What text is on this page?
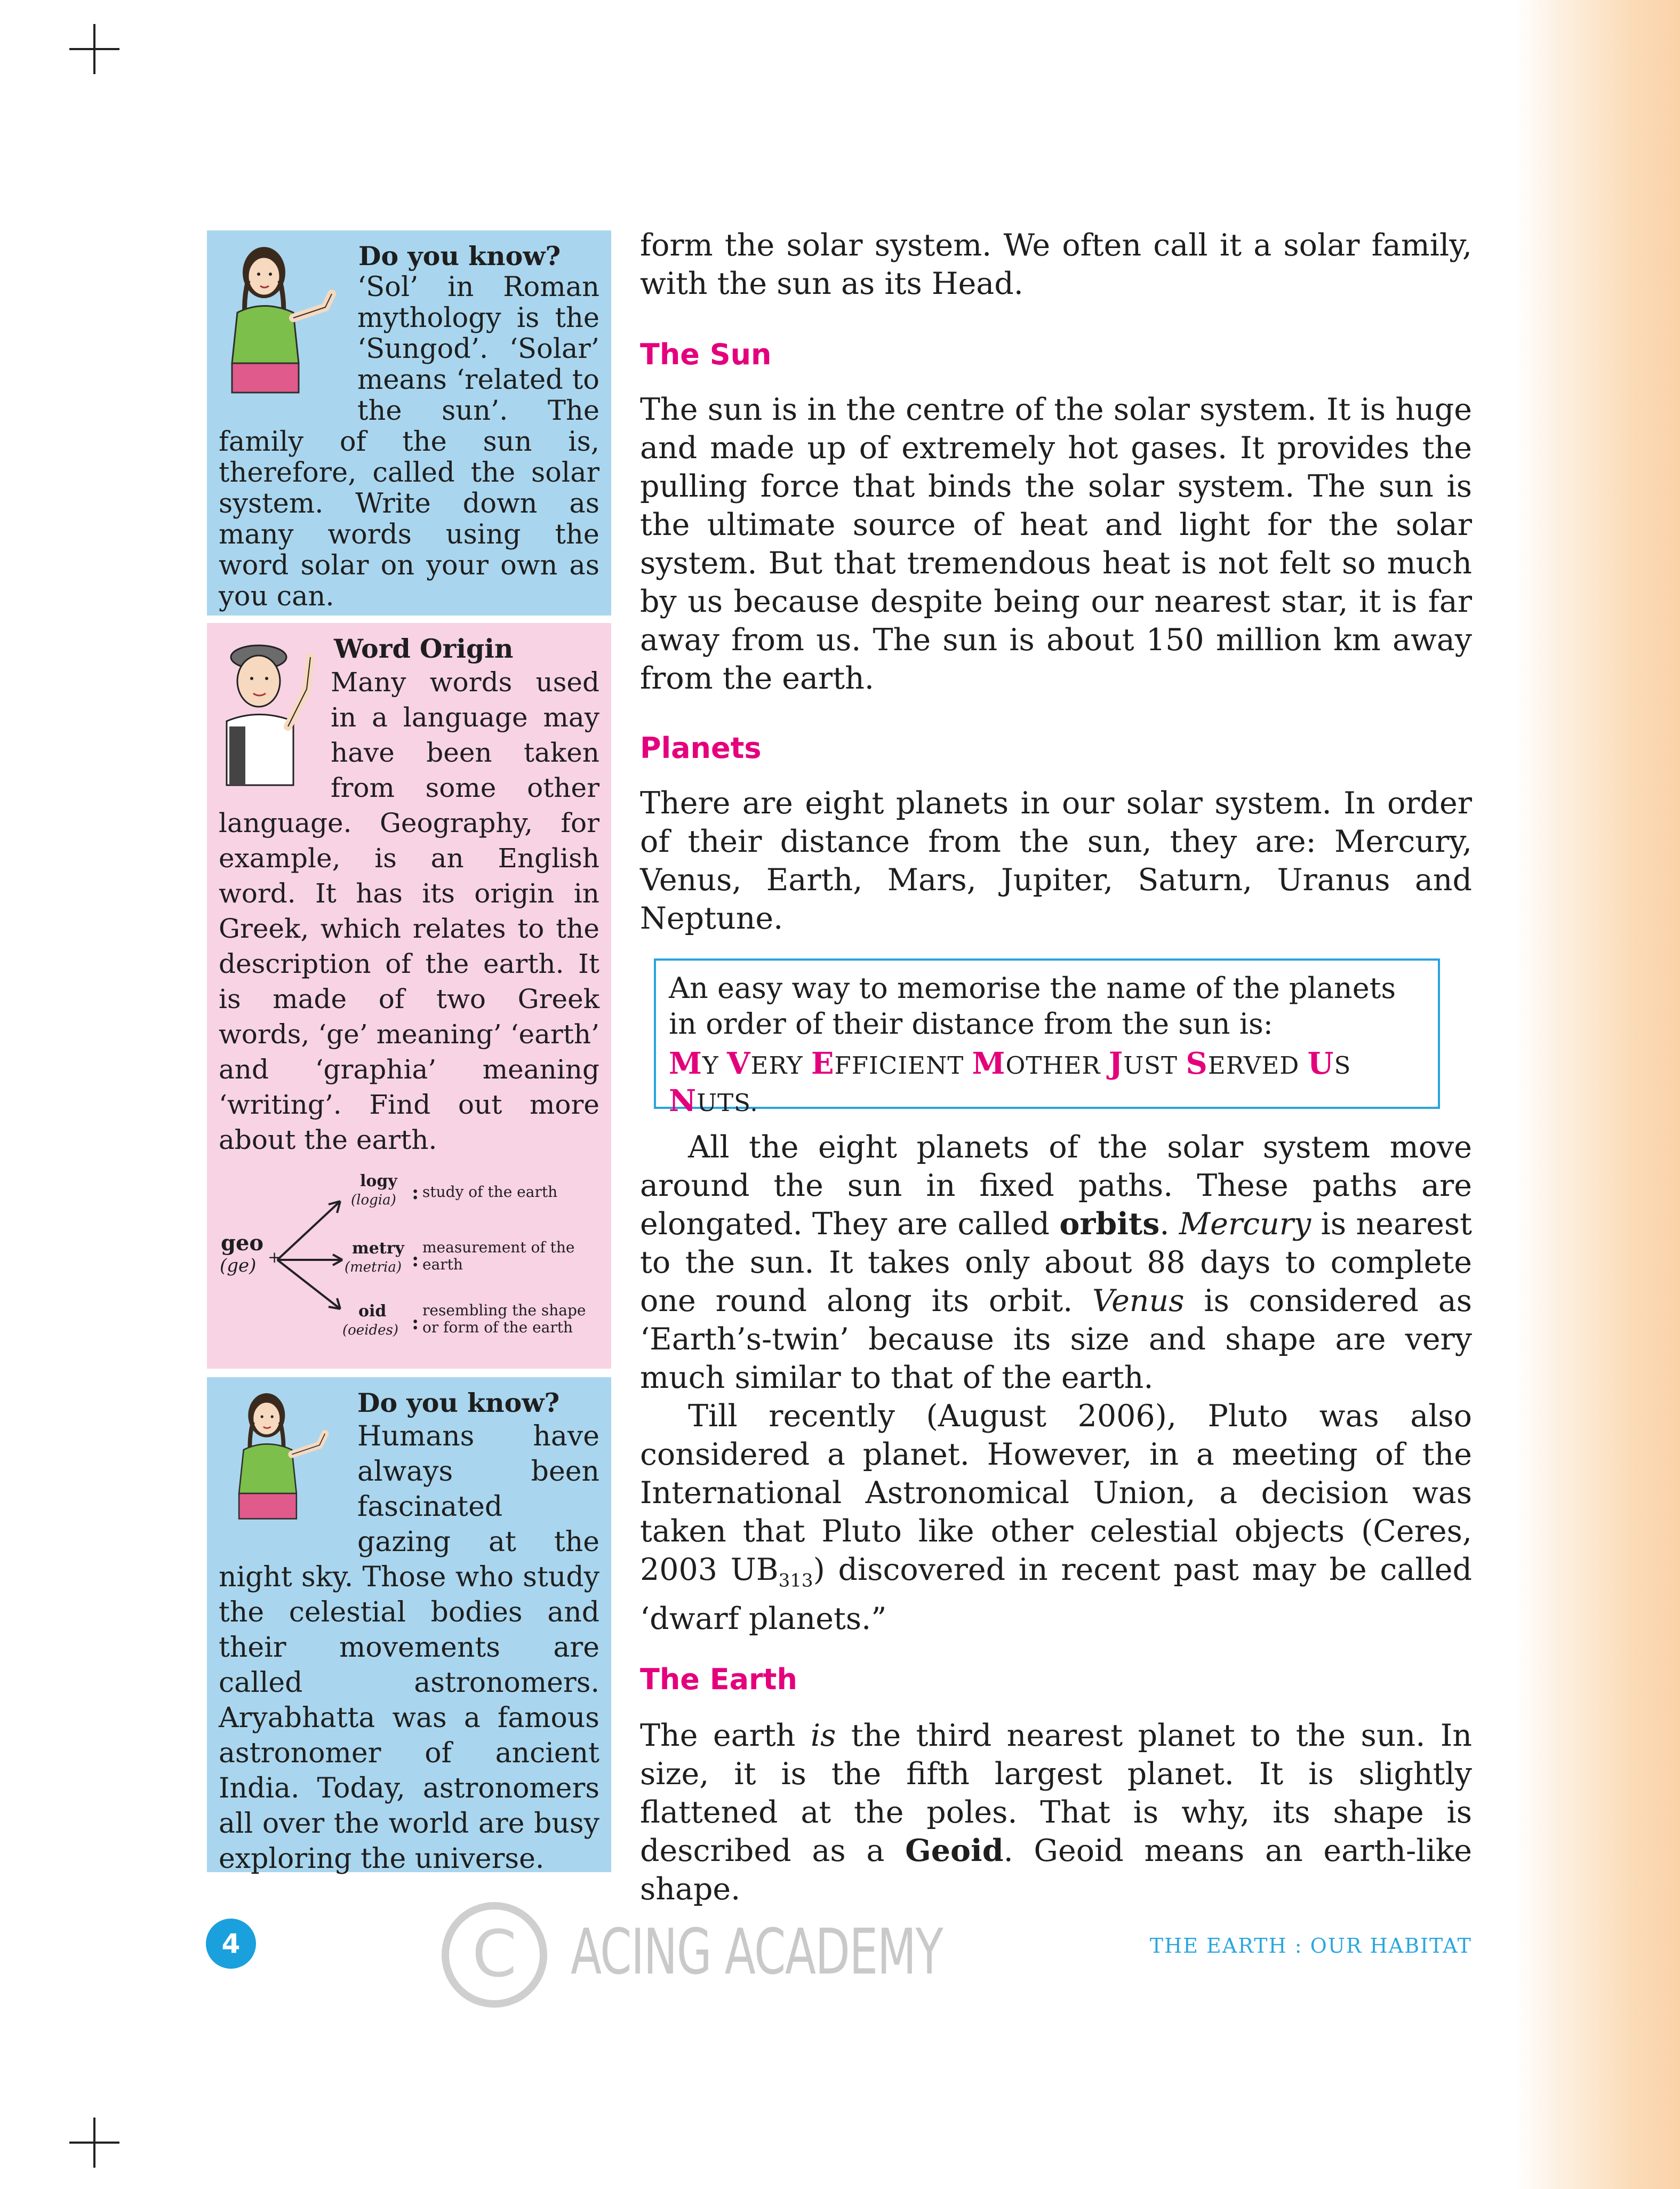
Do you know?
‘Sol’ in Roman mythology is the ‘Sungod’. ‘Solar’ means ‘related to the sun’. The family of the sun is, therefore, called the solar system. Write down as many words using the word solar on your own as you can.
Word Origin
Many words used in a language may have been taken from some other language. Geography, for example, is an English word. It has its origin in Greek, which relates to the description of the earth. It is made of two Greek words, ‘ge’ meaning’ ‘earth’ and ‘graphia’ meaning ‘writing’. Find out more about the earth.
geo
(ge) +
logy
(logia) : study of the earth
metry
(metria) :
measurement of the
earth
oid
(oeides) :
resembling the shape
or form of the earth
Do you know?
Humans have always been fascinated gazing at the night sky. Those who study the celestial bodies and their movements are called astronomers. Aryabhatta was a famous astronomer of ancient India. Today, astronomers all over the world are busy exploring the universe.

form the solar system. We often call it a solar family, with the sun as its Head.

The Sun

The sun is in the centre of the solar system. It is huge and made up of extremely hot gases. It provides the pulling force that binds the solar system. The sun is the ultimate source of heat and light for the solar system. But that tremendous heat is not felt so much by us because despite being our nearest star, it is far away from us. The sun is about 150 million km away from the earth.

Planets

There are eight planets in our solar system. In order of their distance from the sun, they are: Mercury, Venus, Earth, Mars, Jupiter, Saturn, Uranus and Neptune.

An easy way to memorise the name of the planets in order of their distance from the sun is:
MY VERY EFFICIENT MOTHER JUST SERVED US NUTS.

All the eight planets of the solar system move around the sun in fixed paths. These paths are elongated. They are called orbits. Mercury is nearest to the sun. It takes only about 88 days to complete one round along its orbit. Venus is considered as ‘Earth’s-twin’ because its size and shape are very much similar to that of the earth.

Till recently (August 2006), Pluto was also considered a planet. However, in a meeting of the International Astronomical Union, a decision was taken that Pluto like other celestial objects (Ceres, 2003 $UB_{313}$) discovered in recent past may be called ‘dwarf planets.”

The Earth

The earth is the third nearest planet to the sun. In size, it is the fifth largest planet. It is slightly flattened at the poles. That is why, its shape is described as a Geoid. Geoid means an earth-like shape.

4	C ACING ACADEMY	THE EARTH : OUR HABITAT
